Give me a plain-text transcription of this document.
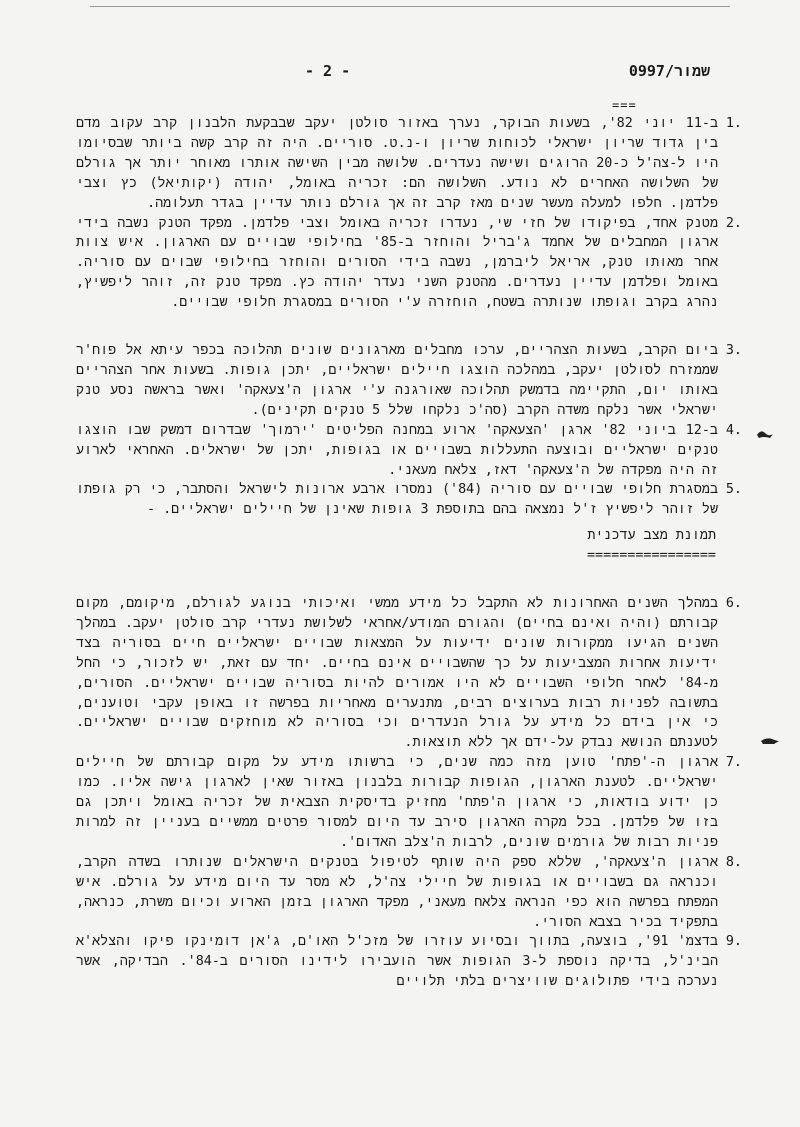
- 2 -	שמור/0997
===
1.
ב-11 יוני 82', בשעות הבוקר, נערך באזור סולטן יעקב שבבקעת הלבנון קרב עקוב מדם בין גדוד שריון ישראלי לכוחות שריון ו-נ.ט. סוריים. היה זה קרב קשה ביותר שבסיומו היו ל-צה'ל כ-20 הרוגים ושישה נעדרים. שלושה מבין השישה אותרו מאוחר יותר אך גורלם של השלושה האחרים לא נודע. השלושה הם: זכריה באומל, יהודה (יקותיאל) כץ וצבי פלדמן. חלפו למעלה מעשר שנים מאז קרב זה אך גורלם נותר עדיין בגדר תעלומה.
2.
מטנק אחד, בפיקודו של חזי שי, נעדרו זכריה באומל וצבי פלדמן. מפקד הטנק נשבה בידי ארגון המחבלים של אחמד ג'בריל והוחזר ב-85' בחילופי שבויים עם הארגון. איש צוות אחר מאותו טנק, אריאל ליברמן, נשבה בידי הסורים והוחזר בחילופי שבוים עם סוריה. באומל ופלדמן עדיין נעדרים. מהטנק השני נעדר יהודה כץ. מפקד טנק זה, זוהר ליפשיץ, נהרג בקרב וגופתו שנותרה בשטח, הוחזרה ע'י הסורים במסגרת חלופי שבויים.
3.
ביום הקרב, בשעות הצהריים, ערכו מחבלים מארגונים שונים תהלוכה בכפר עיתא אל פוח'ר שממזרח לסולטן יעקב, במהלכה הוצגו חיילים ישראליים, יתכן גופות. בשעות אחר הצהריים באותו יום, התקיימה בדמשק תהלוכה שאורגנה ע'י ארגון ה'צעאקה' ואשר בראשה נסע טנק ישראלי אשר נלקח משדה הקרב (סה'כ נלקחו שלל 5 טנקים תקינים).
4.
ב-12 ביוני 82' ארגן 'הצעאקה' ארוע במחנה הפליטים 'ירמוך' שבדרום דמשק שבו הוצגו טנקים ישראליים ובוצעה התעללות בשבויים או בגופות, יתכן של ישראלים. האחראי לארוע זה היה מפקדה של ה'צעאקה' דאז, צלאח מעאני.
5.
במסגרת חלופי שבויים עם סוריה (84') נמסרו ארבע ארונות לישראל והסתבר, כי רק גופתו של זוהר ליפשיץ ז'ל נמצאה בהם בתוספת 3 גופות שאינן של חיילים ישראליים. -
תמונת מצב עדכנית
================
6.
במהלך השנים האחרונות לא התקבל כל מידע ממשי ואיכותי בנוגע לגורלם, מיקומם, מקום קבורתם (והיה ואינם בחיים) והגורם המודע/אחראי לשלושת נעדרי קרב סולטן יעקב. במהלך השנים הגיעו ממקורות שונים ידיעות על המצאות שבויים ישראליים חיים בסוריה בצד ידיעות אחרות המצביעות על כך שהשבויים אינם בחיים. יחד עם זאת, יש לזכור, כי החל מ-84' לאחר חלופי השבויים לא היו אמורים להיות בסוריה שבויים ישראליים. הסורים, בתשובה לפניות רבות בערוצים רבים, מתנערים מאחריות בפרשה זו באופן עקבי וטוענים, כי אין בידם כל מידע על גורל הנעדרים וכי בסוריה לא מוחזקים שבויים ישראליים. לטענתם הנושא נבדק על-ידם אך ללא תוצאות.
7.
ארגון ה-'פתח' טוען מזה כמה שנים, כי ברשותו מידע על מקום קבורתם של חיילים ישראליים. לטענת הארגון, הגופות קבורות בלבנון באזור שאין לארגון גישה אליו. כמו כן ידוע בודאות, כי ארגון ה'פתח' מחזיק בדיסקית הצבאית של זכריה באומל ויתכן גם בזו של פלדמן. בכל מקרה הארגון סירב עד היום למסור פרטים ממשיים בעניין זה למרות פניות רבות של גורמים שונים, לרבות ה'צלב האדום'.
8.
ארגון ה'צעאקה', שללא ספק היה שותף לטיפול בטנקים הישראלים שנותרו בשדה הקרב, וכנראה גם בשבויים או בגופות של חיילי צה'ל, לא מסר עד היום מידע על גורלם. איש המפתח בפרשה הוא כפי הנראה צלאח מעאני, מפקד הארגון בזמן הארוע וכיום משרת, כנראה, בתפקיד בכיר בצבא הסורי.
9.
בדצמ' 91', בוצעה, בתווך ובסיוע עוזרו של מזכ'ל האו'ם, ג'אן דומינקו פיקו והצלא'א הבינ'ל, בדיקה נוספת ל-3 הגופות אשר הועבירו לידינו הסורים ב-84'. הבדיקה, אשר נערכה בידי פתולוגים שוויצרים בלתי תלויים
